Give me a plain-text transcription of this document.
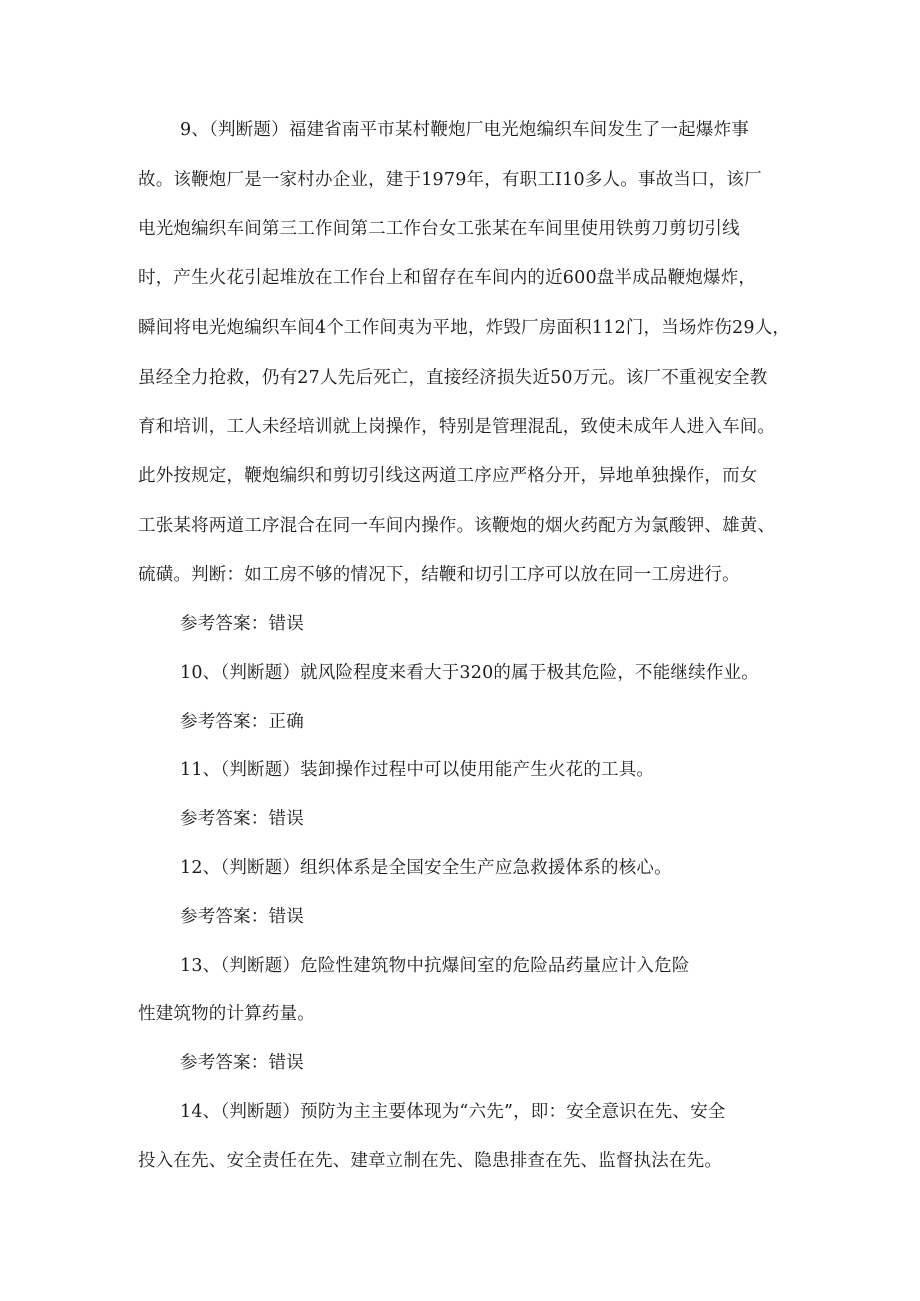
9、（判断题）福建省南平市某村鞭炮厂电光炮编织车间发生了一起爆炸事
故。该鞭炮厂是一家村办企业，建于1979年，有职工I10多人。事故当口，该厂
电光炮编织车间第三工作间第二工作台女工张某在车间里使用铁剪刀剪切引线
时，产生火花引起堆放在工作台上和留存在车间内的近600盘半成品鞭炮爆炸，
瞬间将电光炮编织车间4个工作间夷为平地，炸毁厂房面积112门，当场炸伤29人，
虽经全力抢救，仍有27人先后死亡，直接经济损失近50万元。该厂不重视安全教
育和培训，工人未经培训就上岗操作，特别是管理混乱，致使未成年人进入车间。
此外按规定，鞭炮编织和剪切引线这两道工序应严格分开，异地单独操作，而女
工张某将两道工序混合在同一车间内操作。该鞭炮的烟火药配方为氯酸钾、雄黄、
硫磺。判断：如工房不够的情况下，结鞭和切引工序可以放在同一工房进行。
参考答案：错误
10、（判断题）就风险程度来看大于320的属于极其危险，不能继续作业。
参考答案：正确
11、（判断题）装卸操作过程中可以使用能产生火花的工具。
参考答案：错误
12、（判断题）组织体系是全国安全生产应急救援体系的核心。
参考答案：错误
13、（判断题）危险性建筑物中抗爆间室的危险品药量应计入危险
性建筑物的计算药量。
参考答案：错误
14、（判断题）预防为主主要体现为“六先”，即：安全意识在先、安全
投入在先、安全责任在先、建章立制在先、隐患排查在先、监督执法在先。
